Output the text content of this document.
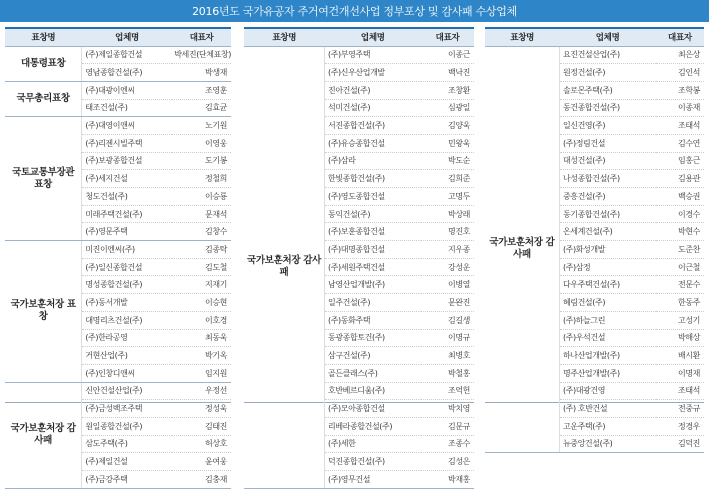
2016년도 국가유공자 주거여건개선사업 정부포상 및 감사패 수상업체
표창명	업체명	대표자
대통령표창	(주)제일종합건설	박세진(단체표창)
	영남종합건설(주)	박생재
국무총리표창	(주)대광이엔씨	조영훈
	태조건설(주)	김효균
국토교통부장관 표창	(주)대영이앤씨	노기원
	(주)리젠시빌주택	이영웅
	(주)보광종합건설	도기봉
	(주)세지건설	정철희
	청도건설(주)	이승룡
	미래주택건설(주)	문재석
	(주)영문주택	김창수
국가보훈처장 표창	미진이엔씨(주)	김종탁
	(주)일신종합건설	김도철
	명성종합건설(주)	지재기
	(주)동서개발	이승현
	대명리츠건설(주)	이호경
	(주)한라공영	최동욱
	거현산업(주)	박기옥
	(주)인창디앤씨	임지원
국가보훈처장 감사패	신안건설산업(주)	우정선
	(주)금성백조주택	정성욱
	원일종합건설(주)	김태진
	삼도주택(주)	허상호
	(주)제일건설	윤여웅
	(주)금강주택	김충재
표창명	업체명	대표자
국가보훈처장 감사패	(주)부영주택	이종근
	(주)신우산업개발	백낙진
	진아건설(주)	조창환
	석미건설(주)	심광일
	서진종합건설(주)	김양욱
	(주)유승종합건설	민왕욱
	(주)삼라	박도순
	한빛종합건설(주)	김희준
	(주)영도종합건설	고명두
	동익건설(주)	박상래
	(주)보훈종합건설	명진호
	(주)대명종합건설	지우종
	(주)세원주택건설	강성운
	남영산업개발(주)	이병열
	일주건설(주)	문완진
	(주)동화주택	김길생
	동광종합토건(주)	이명규
	삼구건설(주)	최병호
	골든클래스(주)	박철홍
	호반베르디움(주)	조억헌
	(주)모아종합건설	박치영
	리베라종합건설(주)	김문규
	(주)세한	조종수
	덕진종합건설(주)	김성은
	(주)영무건설	박재홍
표창명	업체명	대표자
국가보훈처장 감사패	요진건설산업(주)	최은상
	원정건설(주)	김인석
	솔로몬주택(주)	조학봉
	동건종합건설(주)	이종재
	일신건영(주)	조태석
	(주)정림건설	김수연
	대성건설(주)	임홍근
	나성종합건설(주)	김용관
	중흥건설(주)	백승권
	동기종합건설(주)	이경수
	온세계건설(주)	박현수
	(주)화성개발	도준찬
	(주)삼정	이근철
	다우주택건설(주)	전문수
	혜림건설(주)	한동주
	(주)하늘그린	고성기
	(주)우석건설	박해상
	하나산업개발(주)	배시환
	명주산업개발(주)	이명재
	(주)대광건영	조태석
	(주) 호반건설	전중규
	고운주택(주)	정경우
	뉴중앙건설(주)	김덕진
